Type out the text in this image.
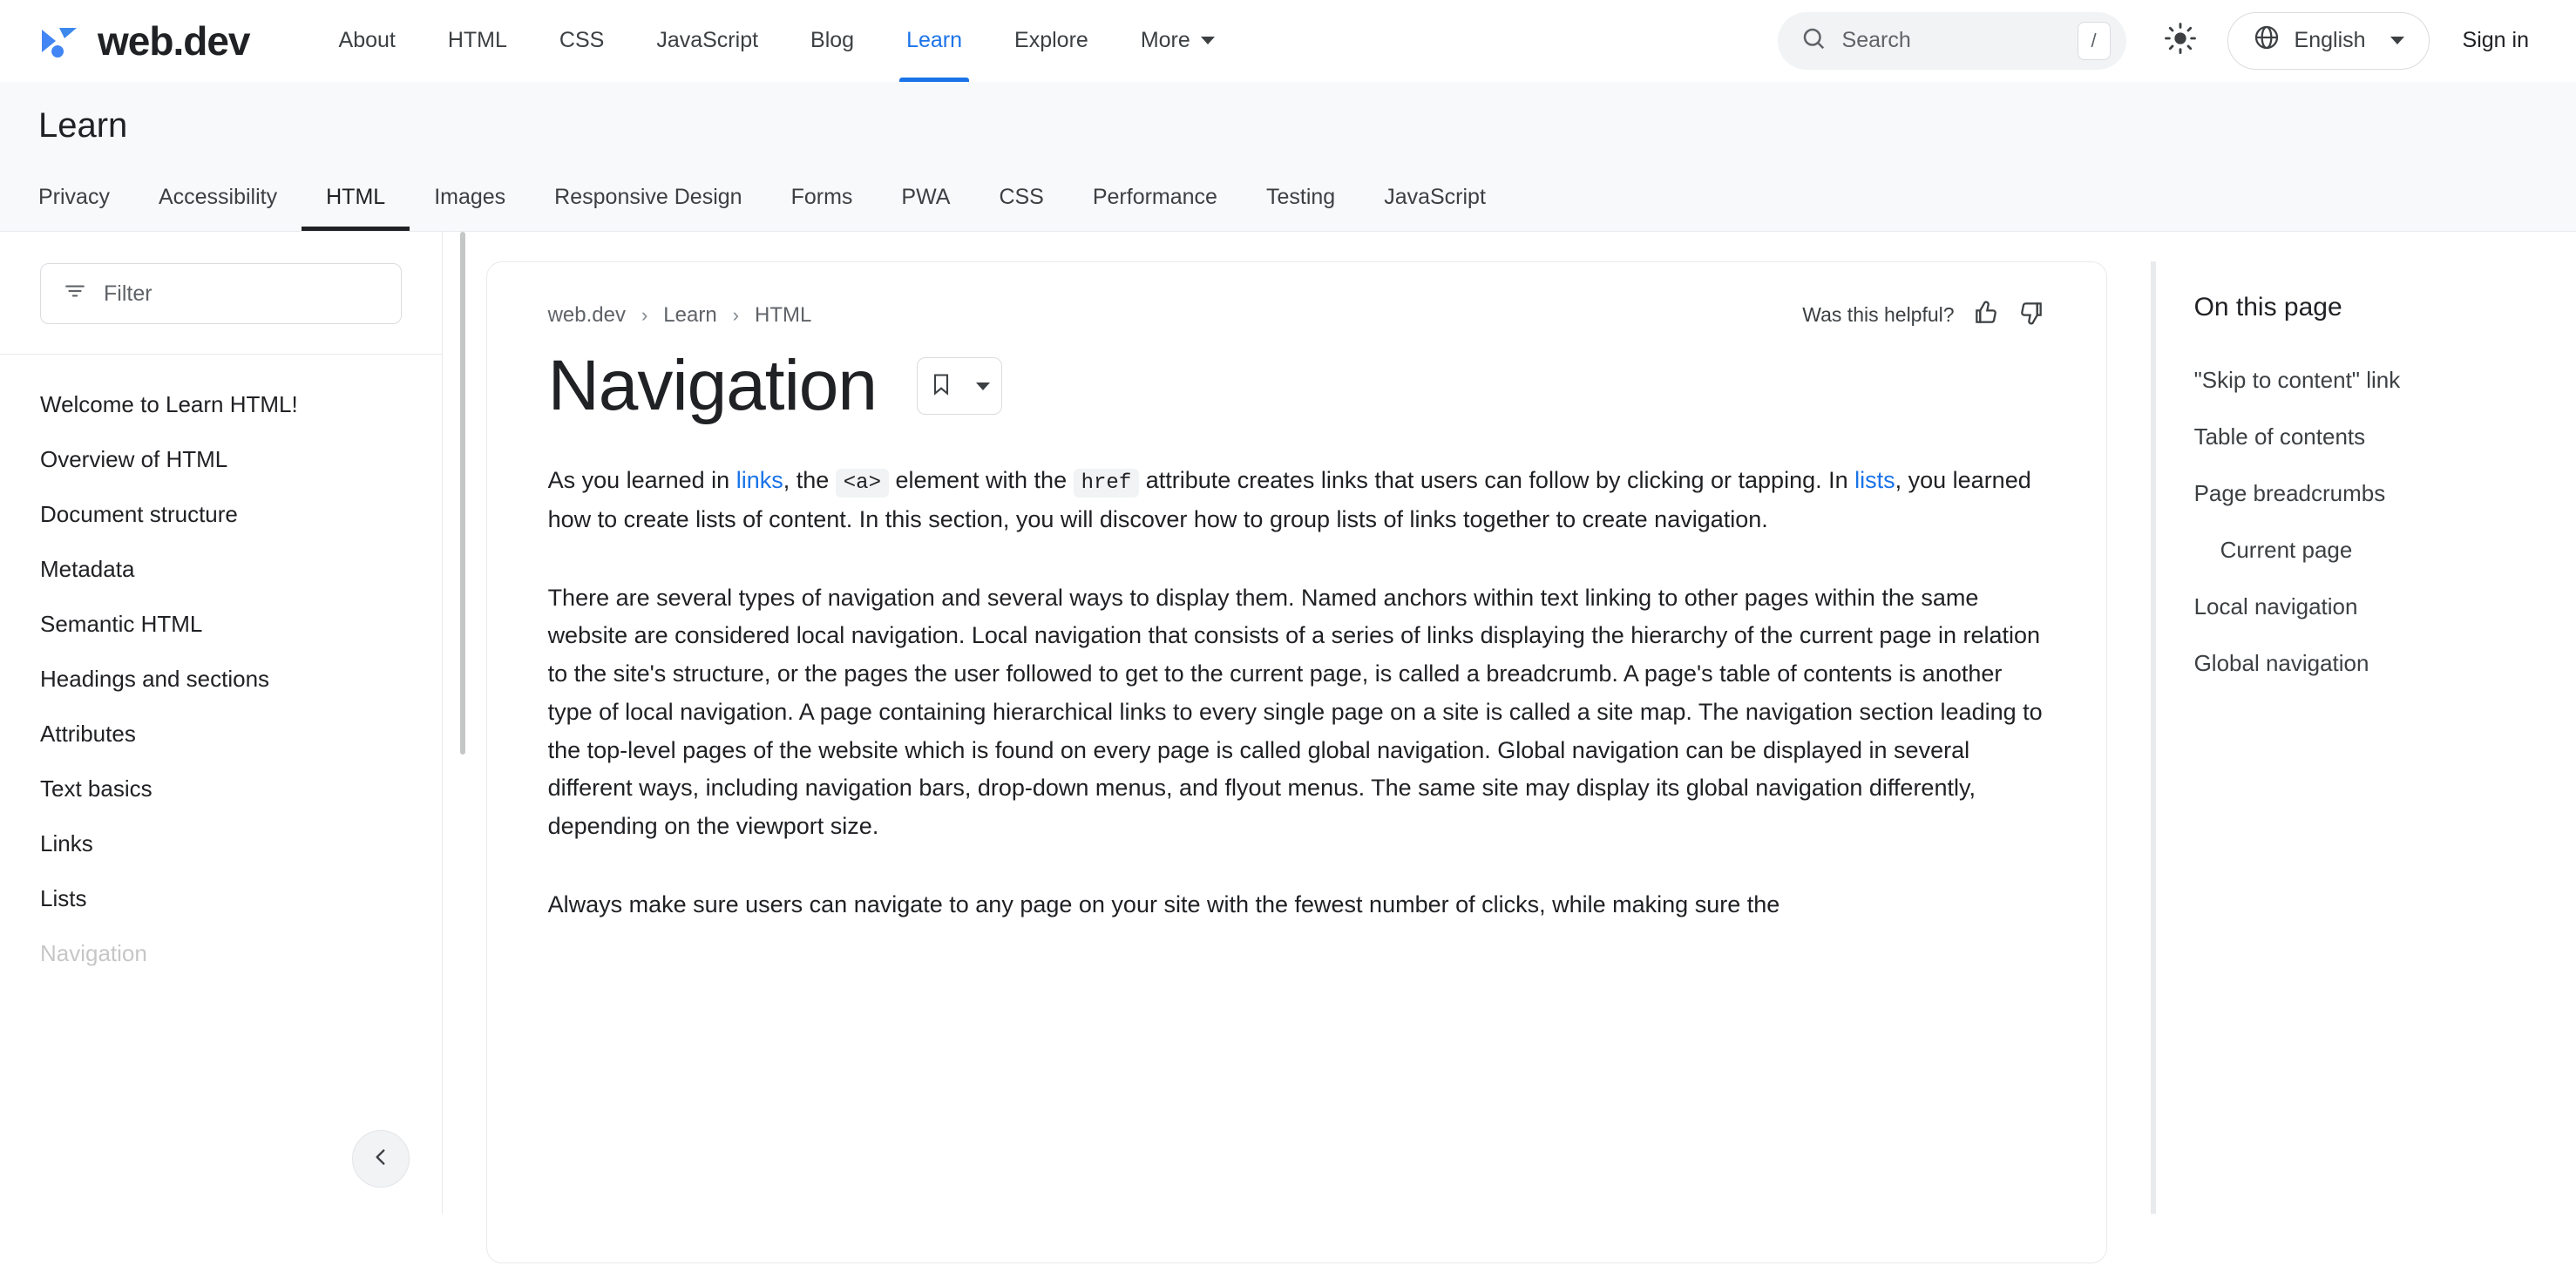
web.dev	About HTML CSS JavaScript Blog Learn Explore More	Search	/	English	Sign in
Learn
Privacy	Accessibility	HTML	Images	Responsive Design	Forms	PWA	CSS	Performance	Testing	JavaScript
Filter
Welcome to Learn HTML!
Overview of HTML
Document structure
Metadata
Semantic HTML
Headings and sections
Attributes
Text basics
Links
Lists
Navigation
web.dev › Learn › HTML	Was this helpful?
Navigation

As you learned in links, the <a> element with the href attribute creates links that users can follow by clicking or tapping. In lists, you learned how to create lists of content. In this section, you will discover how to group lists of links together to create navigation.

There are several types of navigation and several ways to display them. Named anchors within text linking to other pages within the same website are considered local navigation. Local navigation that consists of a series of links displaying the hierarchy of the current page in relation to the site's structure, or the pages the user followed to get to the current page, is called a breadcrumb. A page's table of contents is another type of local navigation. A page containing hierarchical links to every single page on a site is called a site map. The navigation section leading to the top-level pages of the website which is found on every page is called global navigation. Global navigation can be displayed in several different ways, including navigation bars, drop-down menus, and flyout menus. The same site may display its global navigation differently, depending on the viewport size.

Always make sure users can navigate to any page on your site with the fewest number of clicks, while making sure the

On this page
"Skip to content" link
Table of contents
Page breadcrumbs
Current page
Local navigation
Global navigation
